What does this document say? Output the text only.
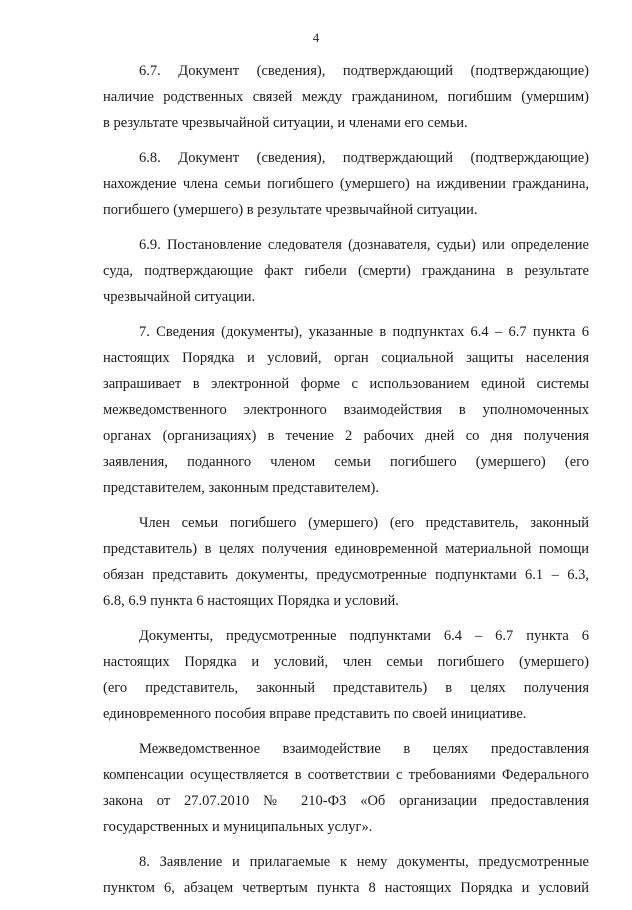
4

6.7. Документ (сведения), подтверждающий (подтверждающие)
наличие родственных связей между гражданином, погибшим (умершим)
в результате чрезвычайной ситуации, и членами его семьи.

6.8. Документ (сведения), подтверждающий (подтверждающие)
нахождение члена семьи погибшего (умершего) на иждивении гражданина,
погибшего (умершего) в результате чрезвычайной ситуации.

6.9. Постановление следователя (дознавателя, судьи) или определение
суда, подтверждающие факт гибели (смерти) гражданина в результате
чрезвычайной ситуации.

7. Сведения (документы), указанные в подпунктах 6.4 – 6.7 пункта 6
настоящих Порядка и условий, орган социальной защиты населения
запрашивает в электронной форме с использованием единой системы
межведомственного электронного взаимодействия в уполномоченных
органах (организациях) в течение 2 рабочих дней со дня получения
заявления, поданного членом семьи погибшего (умершего) (его
представителем, законным представителем).

Член семьи погибшего (умершего) (его представитель, законный
представитель) в целях получения единовременной материальной помощи
обязан представить документы, предусмотренные подпунктами 6.1 – 6.3,
6.8, 6.9 пункта 6 настоящих Порядка и условий.

Документы, предусмотренные подпунктами 6.4 – 6.7 пункта 6
настоящих Порядка и условий, член семьи погибшего (умершего)
(его представитель, законный представитель) в целях получения
единовременного пособия вправе представить по своей инициативе.

Межведомственное взаимодействие в целях предоставления
компенсации осуществляется в соответствии с требованиями Федерального
закона от 27.07.2010 № 210-ФЗ «Об организации предоставления
государственных и муниципальных услуг».

8. Заявление и прилагаемые к нему документы, предусмотренные
пунктом 6, абзацем четвертым пункта 8 настоящих Порядка и условий
